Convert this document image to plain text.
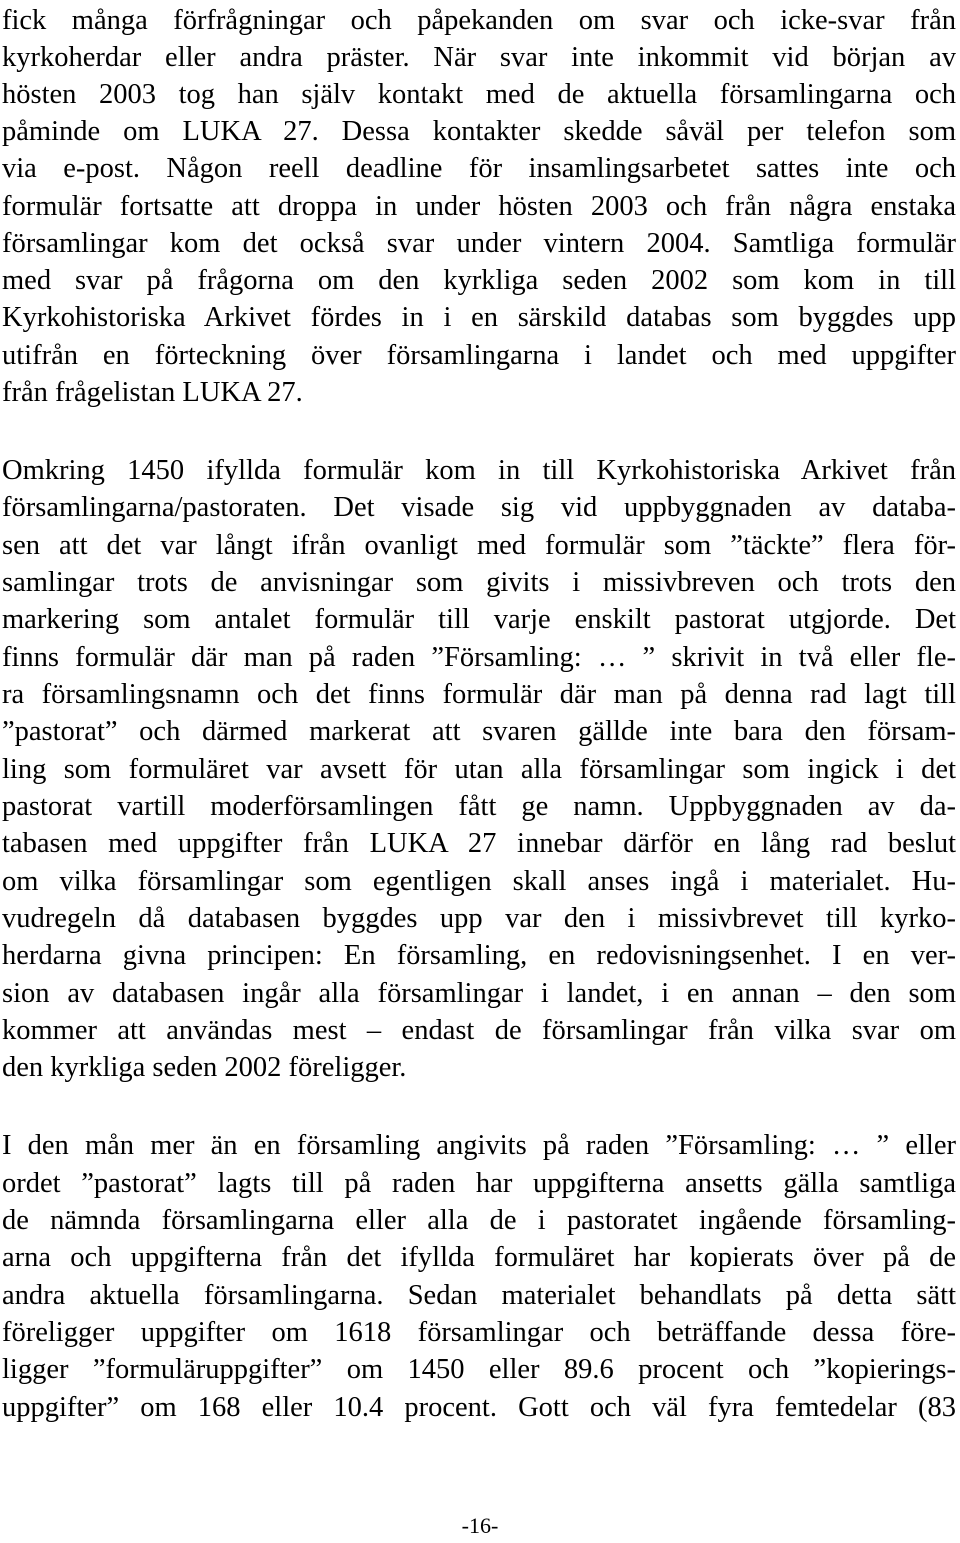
fick många förfrågningar och påpekanden om svar och icke-svar från
kyrkoherdar eller andra präster. När svar inte inkommit vid början av
hösten 2003 tog han själv kontakt med de aktuella församlingarna och
påminde om LUKA 27. Dessa kontakter skedde såväl per telefon som
via e-post. Någon reell deadline för insamlingsarbetet sattes inte och
formulär fortsatte att droppa in under hösten 2003 och från några enstaka
församlingar kom det också svar under vintern 2004. Samtliga formulär
med svar på frågorna om den kyrkliga seden 2002 som kom in till
Kyrkohistoriska Arkivet fördes in i en särskild databas som byggdes upp
utifrån en förteckning över församlingarna i landet och med uppgifter
från frågelistan LUKA 27.
Omkring 1450 ifyllda formulär kom in till Kyrkohistoriska Arkivet från
församlingarna/pastoraten. Det visade sig vid uppbyggnaden av databa-
sen att det var långt ifrån ovanligt med formulär som ”täckte” flera för-
samlingar trots de anvisningar som givits i missivbreven och trots den
markering som antalet formulär till varje enskilt pastorat utgjorde. Det
finns formulär där man på raden ”Församling: … ” skrivit in två eller fle-
ra församlingsnamn och det finns formulär där man på denna rad lagt till
”pastorat” och därmed markerat att svaren gällde inte bara den försam-
ling som formuläret var avsett för utan alla församlingar som ingick i det
pastorat vartill moderförsamlingen fått ge namn. Uppbyggnaden av da-
tabasen med uppgifter från LUKA 27 innebar därför en lång rad beslut
om vilka församlingar som egentligen skall anses ingå i materialet. Hu-
vudregeln då databasen byggdes upp var den i missivbrevet till kyrko-
herdarna givna principen: En församling, en redovisningsenhet. I en ver-
sion av databasen ingår alla församlingar i landet, i en annan – den som
kommer att användas mest – endast de församlingar från vilka svar om
den kyrkliga seden 2002 föreligger.
I den mån mer än en församling angivits på raden ”Församling: … ” eller
ordet ”pastorat” lagts till på raden har uppgifterna ansetts gälla samtliga
de nämnda församlingarna eller alla de i pastoratet ingående församling-
arna och uppgifterna från det ifyllda formuläret har kopierats över på de
andra aktuella församlingarna. Sedan materialet behandlats på detta sätt
föreligger uppgifter om 1618 församlingar och beträffande dessa före-
ligger ”formuläruppgifter” om 1450 eller 89.6 procent och ”kopierings-
uppgifter” om 168 eller 10.4 procent. Gott och väl fyra femtedelar (83
-16-
